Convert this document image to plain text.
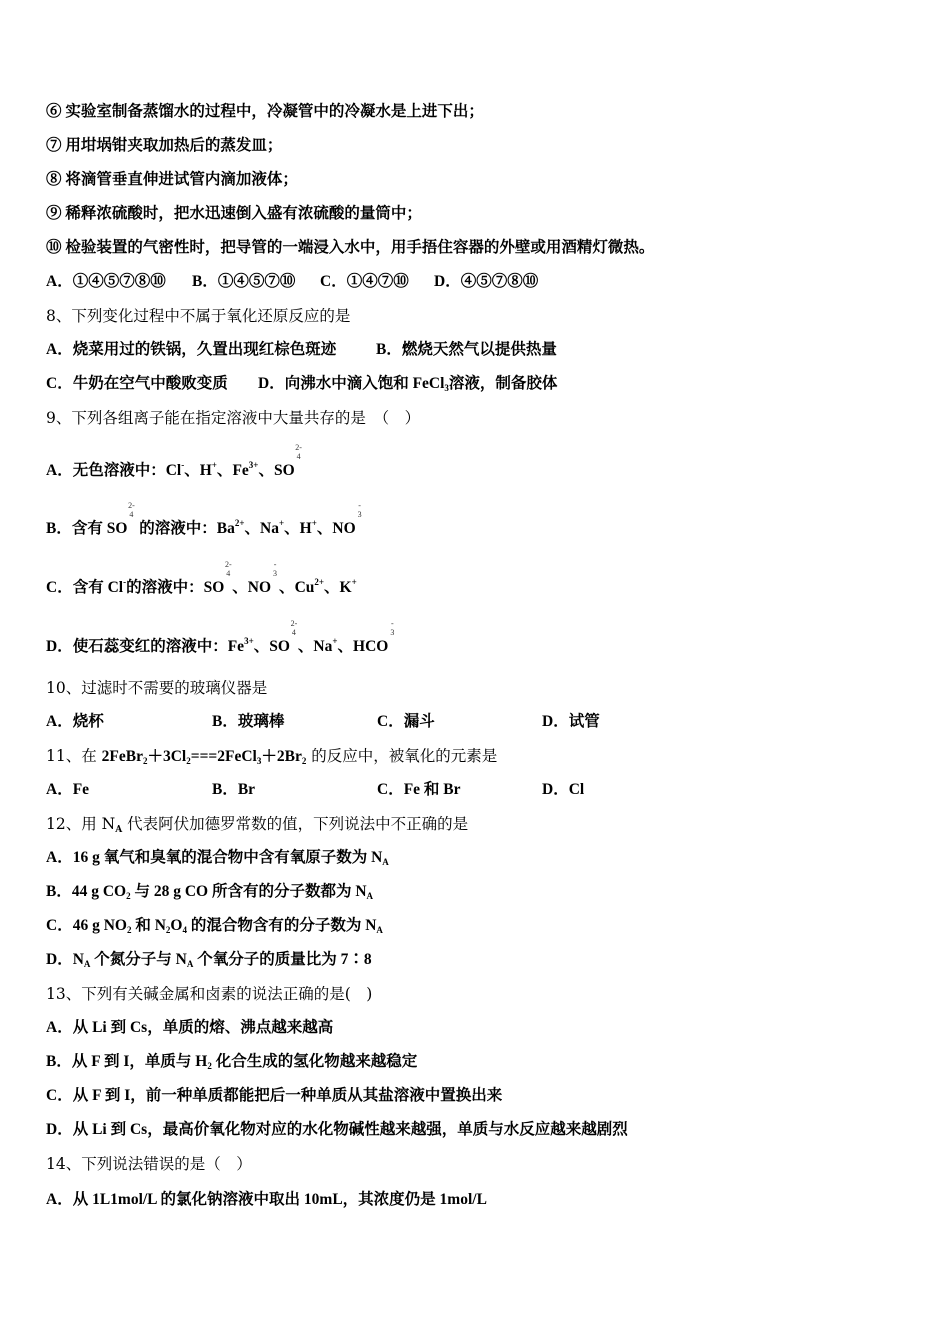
⑥ 实验室制备蒸馏水的过程中，冷凝管中的冷凝水是上进下出；
⑦ 用坩埚钳夹取加热后的蒸发皿；
⑧ 将滴管垂直伸进试管内滴加液体；
⑨ 稀释浓硫酸时，把水迅速倒入盛有浓硫酸的量筒中；
⑩ 检验装置的气密性时，把导管的一端浸入水中，用手捂住容器的外壁或用酒精灯微热。
A．①④⑤⑦⑧⑩ B．①④⑤⑦⑩ C．①④⑦⑩ D．④⑤⑦⑧⑩
8、下列变化过程中不属于氧化还原反应的是
A．烧菜用过的铁锅，久置出现红棕色斑迹	B．燃烧天然气以提供热量
C．牛奶在空气中酸败变质 D．向沸水中滴入饱和 FeCl$_3$溶液，制备胶体
9、下列各组离子能在指定溶液中大量共存的是　（　）
A．无色溶液中：Cl-、H+、$Fe^{3+}$、SO
2-
4
B．含有 SO
2-
4
的溶液中：$Ba^{2+}$、Na+、H+、NO
-
3
C．含有 Cl-的溶液中：SO
2-
4
、NO
-
3
、$Cu^{2+}$、K+
D．使石蕊变红的溶液中：$Fe^{3+}$、SO
2-
4
、Na+、HCO
-
3
10、过滤时不需要的玻璃仪器是
A．烧杯	B．玻璃棒	C．漏斗	D．试管
11、在 $2FeBr_2+3Cl_2===2FeCl_3+2Br_2$ 的反应中，被氧化的元素是
A．Fe	B．Br	C．Fe 和 Br	D．Cl
12、用 $N_A$ 代表阿伏加德罗常数的值，下列说法中不正确的是
A．16 g 氧气和臭氧的混合物中含有氧原子数为 $N_A$
B．44 g $CO_2$ 与 28 g CO 所含有的分子数都为 $N_A$
C．46 g $NO_2$ 和 $N_2O_4$ 的混合物含有的分子数为 $N_A$
D．$N_A$ 个氮分子与 $N_A$ 个氧分子的质量比为 7∶8
13、下列有关碱金属和卤素的说法正确的是(　)
A．从 Li 到 Cs，单质的熔、沸点越来越高
B．从 F 到 I，单质与 $H_2$ 化合生成的氢化物越来越稳定
C．从 F 到 I，前一种单质都能把后一种单质从其盐溶液中置换出来
D．从 Li 到 Cs，最高价氧化物对应的水化物碱性越来越强，单质与水反应越来越剧烈
14、下列说法错误的是（　）
A．从 1L1mol/L 的氯化钠溶液中取出 10mL，其浓度仍是 1mol/L
